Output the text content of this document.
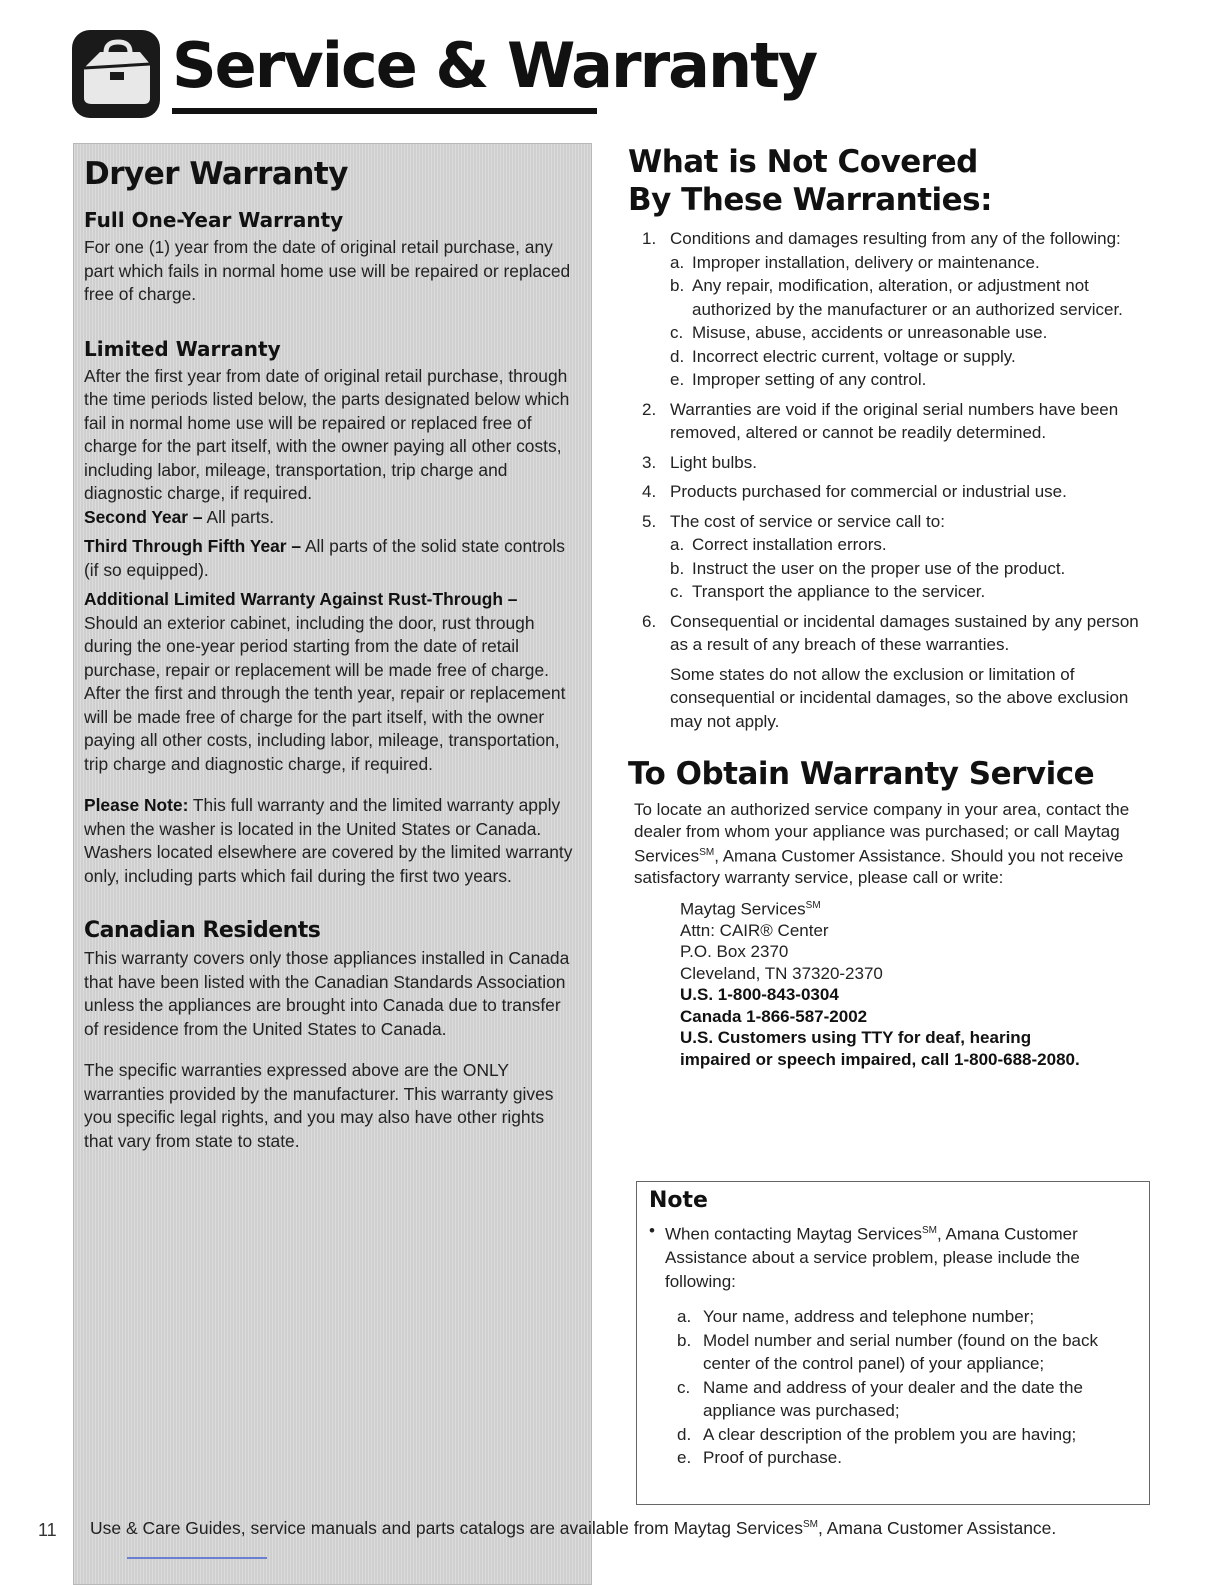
Service & Warranty
Dryer Warranty
Full One-Year Warranty

For one (1) year from the date of original retail purchase, any part which fails in normal home use will be repaired or replaced free of charge.

Limited Warranty

After the first year from date of original retail purchase, through the time periods listed below, the parts designated below which fail in normal home use will be repaired or replaced free of charge for the part itself, with the owner paying all other costs, including labor, mileage, transportation, trip charge and diagnostic charge, if required.

Second Year – All parts.

Third Through Fifth Year – All parts of the solid state controls (if so equipped).

Additional Limited Warranty Against Rust-Through – Should an exterior cabinet, including the door, rust through during the one-year period starting from the date of retail purchase, repair or replacement will be made free of charge. After the first and through the tenth year, repair or replacement will be made free of charge for the part itself, with the owner paying all other costs, including labor, mileage, transportation, trip charge and diagnostic charge, if required.

Please Note: This full warranty and the limited warranty apply when the washer is located in the United States or Canada. Washers located elsewhere are covered by the limited warranty only, including parts which fail during the first two years.

Canadian Residents

This warranty covers only those appliances installed in Canada that have been listed with the Canadian Standards Association unless the appliances are brought into Canada due to transfer of residence from the United States to Canada.

The specific warranties expressed above are the ONLY warranties provided by the manufacturer. This warranty gives you specific legal rights, and you may also have other rights that vary from state to state.

What is Not Covered
By These Warranties:
1. Conditions and damages resulting from any of the following:
a. Improper installation, delivery or maintenance.
b. Any repair, modification, alteration, or adjustment not authorized by the manufacturer or an authorized servicer.
c. Misuse, abuse, accidents or unreasonable use.
d. Incorrect electric current, voltage or supply.
e. Improper setting of any control.
2. Warranties are void if the original serial numbers have been removed, altered or cannot be readily determined.
3. Light bulbs.
4. Products purchased for commercial or industrial use.
5. The cost of service or service call to:
a. Correct installation errors.
b. Instruct the user on the proper use of the product.
c. Transport the appliance to the servicer.
6. Consequential or incidental damages sustained by any person as a result of any breach of these warranties.

Some states do not allow the exclusion or limitation of consequential or incidental damages, so the above exclusion may not apply.

To Obtain Warranty Service

To locate an authorized service company in your area, contact the dealer from whom your appliance was purchased; or call Maytag Services℠, Amana Customer Assistance. Should you not receive satisfactory warranty service, please call or write:

Maytag Services℠
Attn: CAIR® Center
P.O. Box 2370
Cleveland, TN 37320-2370
U.S. 1-800-843-0304
Canada 1-866-587-2002
U.S. Customers using TTY for deaf, hearing
impaired or speech impaired, call 1-800-688-2080.
Note
• When contacting Maytag Services℠, Amana Customer Assistance about a service problem, please include the following:
a. Your name, address and telephone number;
b. Model number and serial number (found on the back center of the control panel) of your appliance;
c. Name and address of your dealer and the date the appliance was purchased;
d. A clear description of the problem you are having;
e. Proof of purchase.
11 Use & Care Guides, service manuals and parts catalogs are available from Maytag Services℠, Amana Customer Assistance.
